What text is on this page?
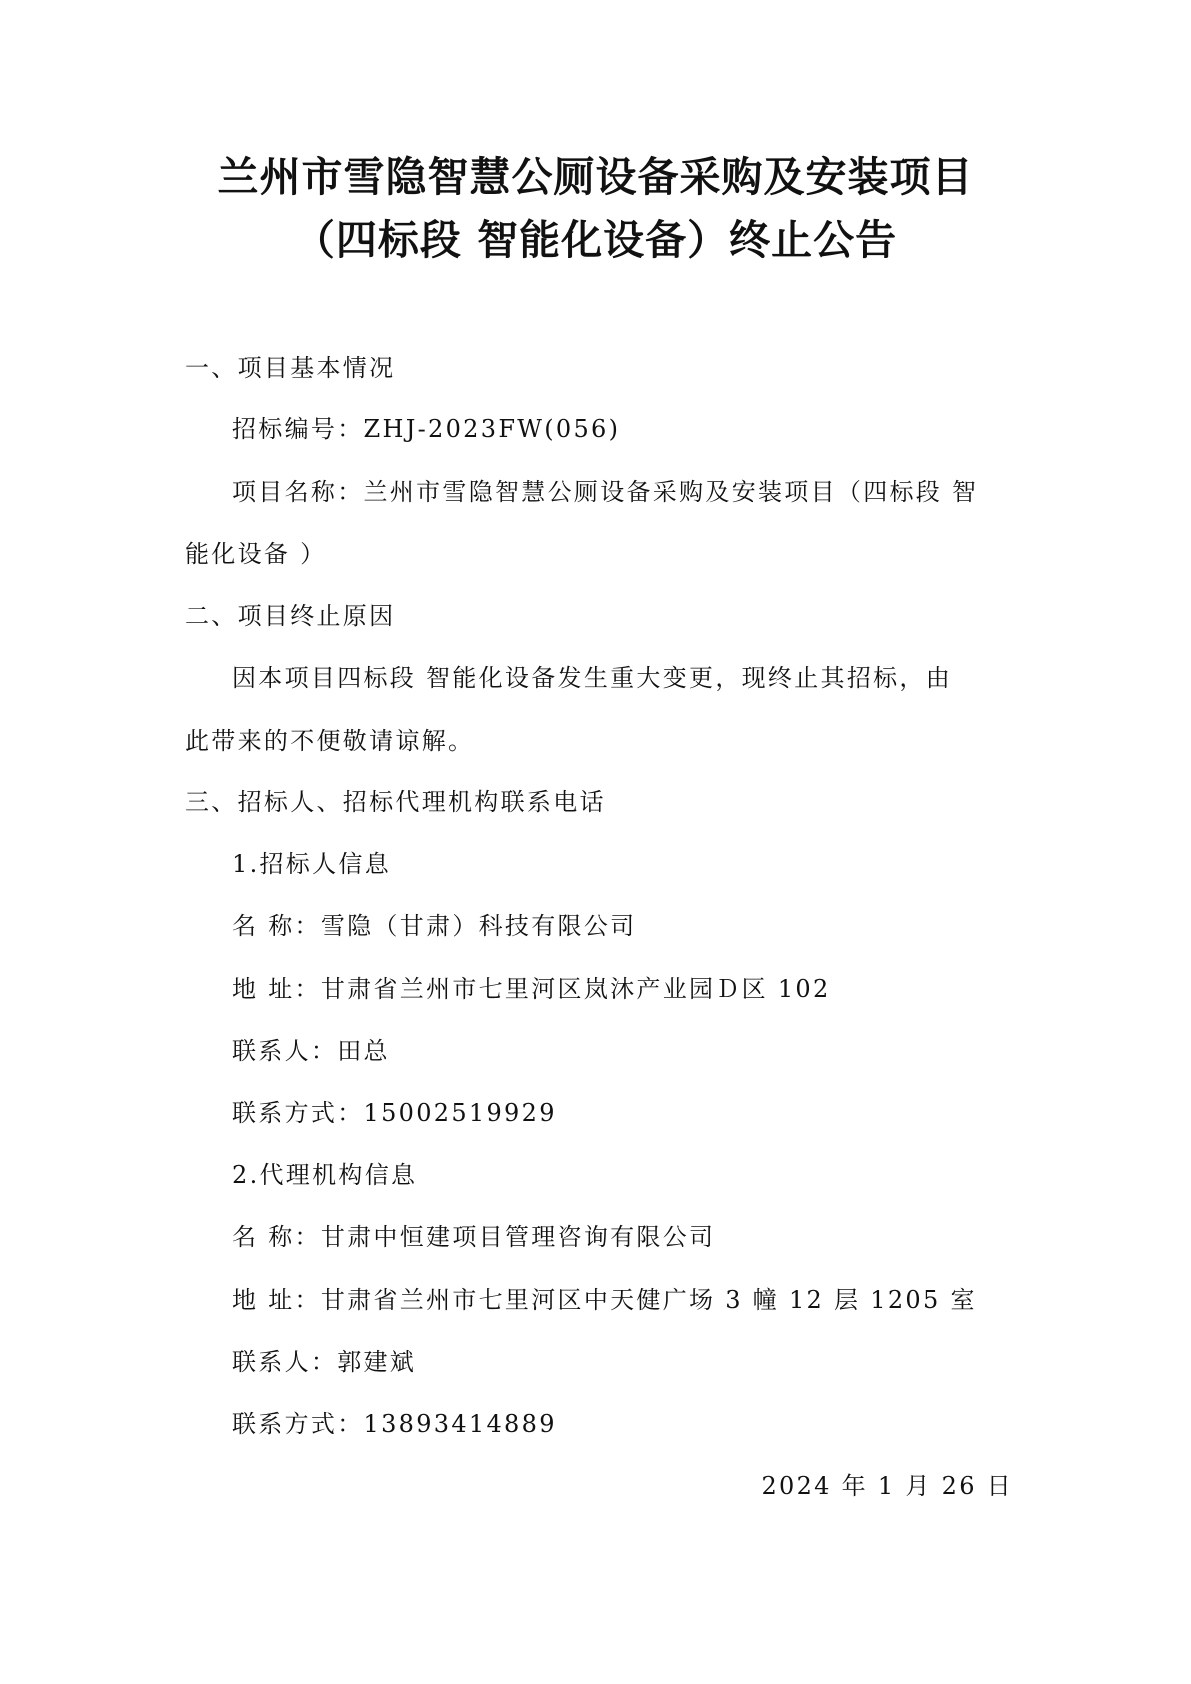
兰州市雪隐智慧公厕设备采购及安装项目
（四标段 智能化设备）终止公告
一、项目基本情况
招标编号：ZHJ-2023FW(056)
项目名称：兰州市雪隐智慧公厕设备采购及安装项目（四标段 智
能化设备 ）
二、项目终止原因
因本项目四标段 智能化设备发生重大变更，现终止其招标，由
此带来的不便敬请谅解。
三、招标人、招标代理机构联系电话
1.招标人信息
名 称：雪隐（甘肃）科技有限公司
地 址：甘肃省兰州市七里河区岚沐产业园Ｄ区 102
联系人：田总
联系方式：15002519929
2.代理机构信息
名 称：甘肃中恒建项目管理咨询有限公司
地 址：甘肃省兰州市七里河区中天健广场 3 幢 12 层 1205 室
联系人：郭建斌
联系方式：13893414889
2024 年 1 月 26 日
